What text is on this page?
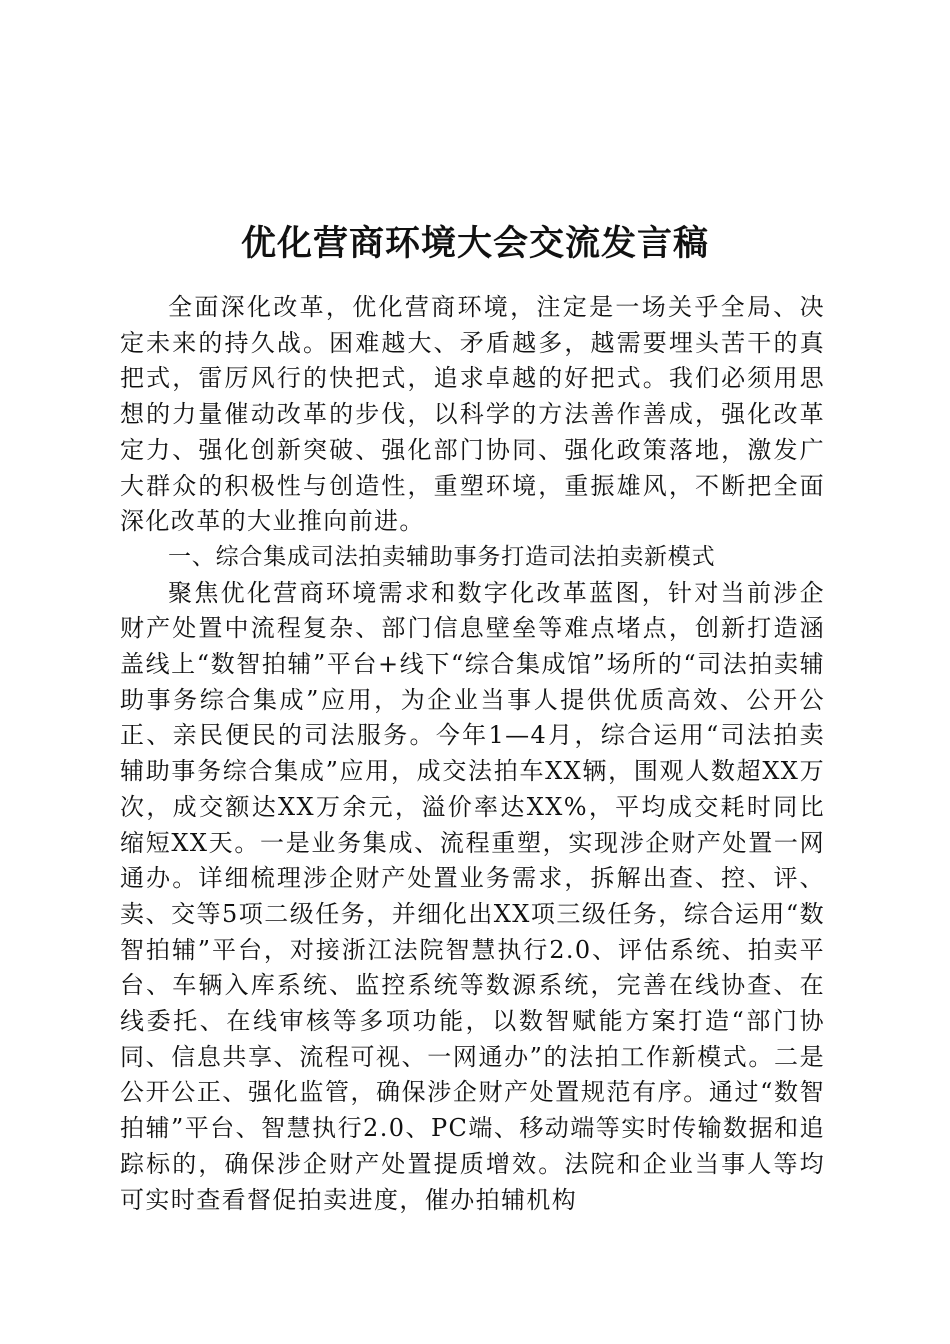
优化营商环境大会交流发言稿

全面深化改革，优化营商环境，注定是一场关乎全局、决定未来的持久战。困难越大、矛盾越多，越需要埋头苦干的真把式，雷厉风行的快把式，追求卓越的好把式。我们必须用思想的力量催动改革的步伐，以科学的方法善作善成，强化改革定力、强化创新突破、强化部门协同、强化政策落地，激发广大群众的积极性与创造性，重塑环境，重振雄风，不断把全面深化改革的大业推向前进。

一、综合集成司法拍卖辅助事务打造司法拍卖新模式

聚焦优化营商环境需求和数字化改革蓝图，针对当前涉企财产处置中流程复杂、部门信息壁垒等难点堵点，创新打造涵盖线上“数智拍辅”平台+线下“综合集成馆”场所的“司法拍卖辅助事务综合集成”应用，为企业当事人提供优质高效、公开公正、亲民便民的司法服务。今年1—4月，综合运用“司法拍卖辅助事务综合集成”应用，成交法拍车XX辆，围观人数超XX万次，成交额达XX万余元，溢价率达XX%，平均成交耗时同比缩短XX天。一是业务集成、流程重塑，实现涉企财产处置一网通办。详细梳理涉企财产处置业务需求，拆解出查、控、评、卖、交等5项二级任务，并细化出XX项三级任务，综合运用“数智拍辅”平台，对接浙江法院智慧执行2.0、评估系统、拍卖平台、车辆入库系统、监控系统等数源系统，完善在线协查、在线委托、在线审核等多项功能，以数智赋能方案打造“部门协同、信息共享、流程可视、一网通办”的法拍工作新模式。二是公开公正、强化监管，确保涉企财产处置规范有序。通过“数智拍辅”平台、智慧执行2.0、PC端、移动端等实时传输数据和追踪标的，确保涉企财产处置提质增效。法院和企业当事人等均可实时查看督促拍卖进度，催办拍辅机构
